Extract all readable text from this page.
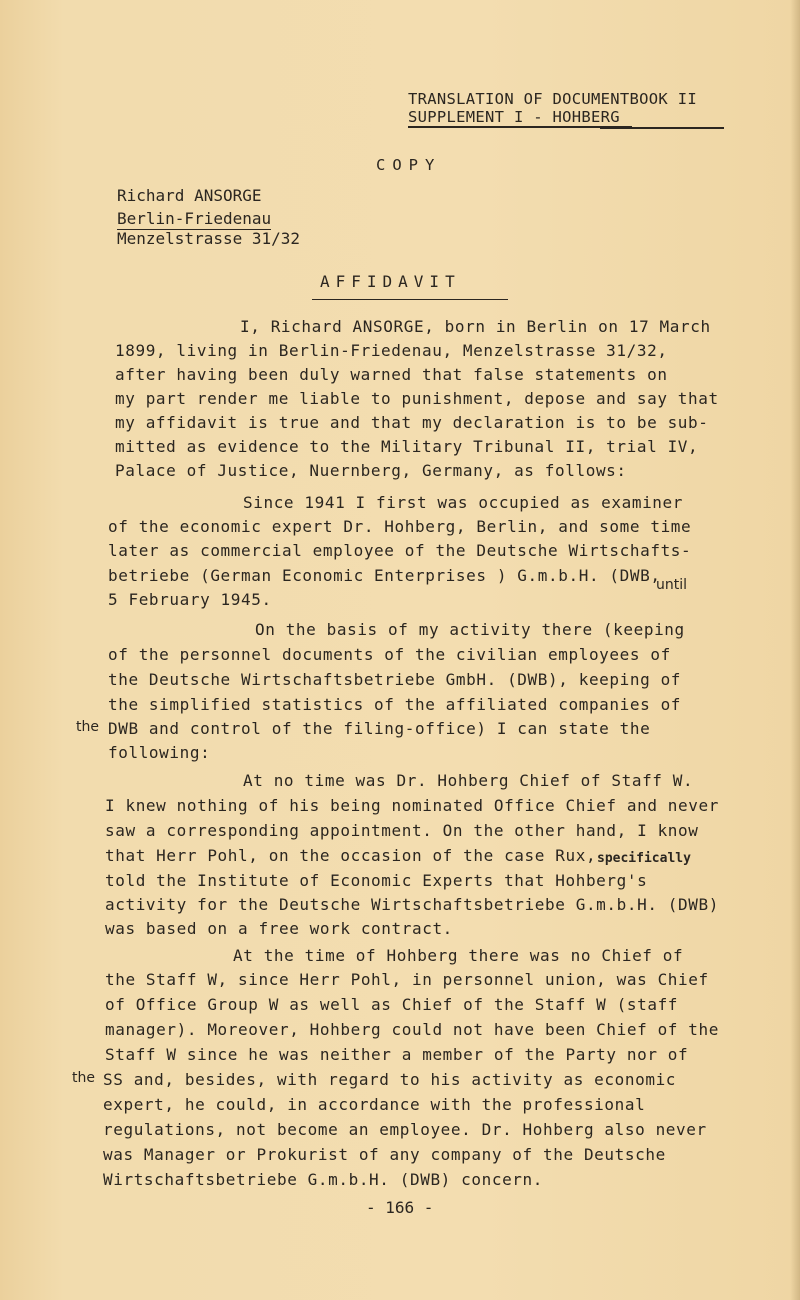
TRANSLATION OF DOCUMENTBOOK II
SUPPLEMENT I - HOHBERG
COPY
Richard ANSORGE
Berlin-Friedenau
Menzelstrasse 31/32
AFFIDAVIT
I, Richard ANSORGE, born in Berlin on 17 March
1899, living in Berlin-Friedenau, Menzelstrasse 31/32,
after having been duly warned that false statements on
my part render me liable to punishment, depose and say that
my affidavit is true and that my declaration is to be sub-
mitted as evidence to the Military Tribunal II, trial IV,
Palace of Justice, Nuernberg, Germany, as follows:
Since 1941 I first was occupied as examiner
of the economic expert Dr. Hohberg, Berlin, and some time
later as commercial employee of the Deutsche Wirtschafts-
betriebe (German Economic Enterprises ) G.m.b.H. (DWB,
until
5 February 1945.
On the basis of my activity there (keeping
of the personnel documents of the civilian employees of
the Deutsche Wirtschaftsbetriebe GmbH. (DWB), keeping of
the simplified statistics of the affiliated companies of
the DWB and control of the filing-office) I can state the
following:
At no time was Dr. Hohberg Chief of Staff W.
I knew nothing of his being nominated Office Chief and never
saw a corresponding appointment. On the other hand, I know
that Herr Pohl, on the occasion of the case Rux, specifically
told the Institute of Economic Experts that Hohberg's
activity for the Deutsche Wirtschaftsbetriebe G.m.b.H. (DWB)
was based on a free work contract.
At the time of Hohberg there was no Chief of
the Staff W, since Herr Pohl, in personnel union, was Chief
of Office Group W as well as Chief of the Staff W (staff
manager). Moreover, Hohberg could not have been Chief of the
Staff W since he was neither a member of the Party nor of
the SS and, besides, with regard to his activity as economic
expert, he could, in accordance with the professional
regulations, not become an employee. Dr. Hohberg also never
was Manager or Prokurist of any company of the Deutsche
Wirtschaftsbetriebe G.m.b.H. (DWB) concern.
- 166 -
